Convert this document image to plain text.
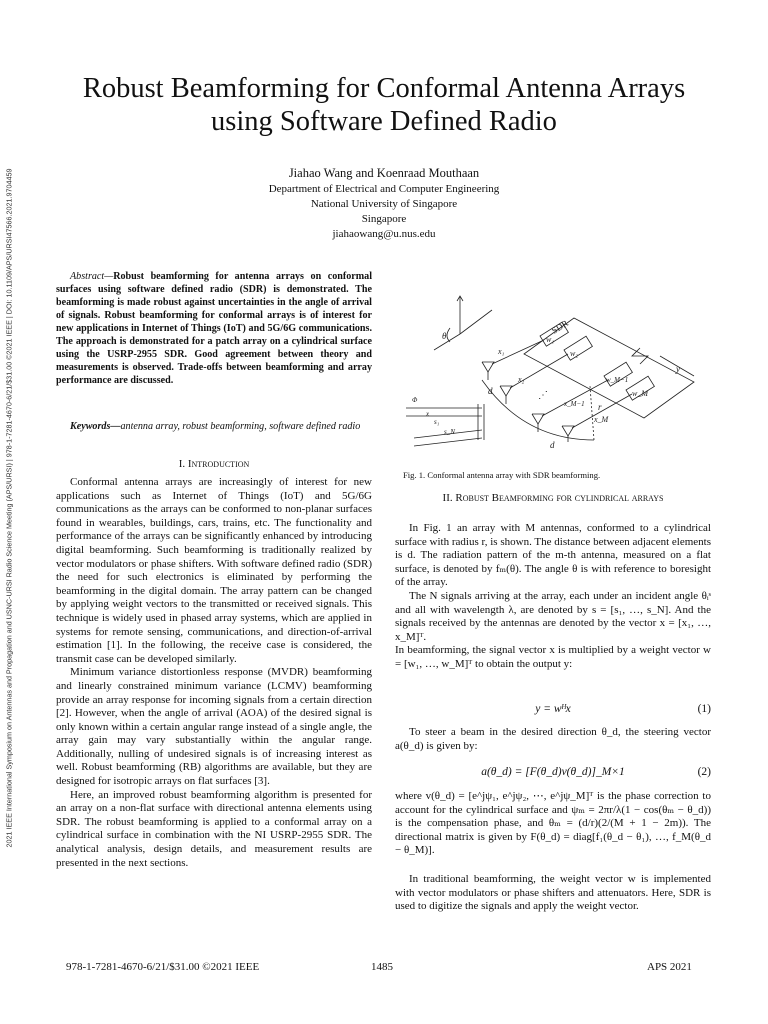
2021 IEEE International Symposium on Antennas and Propagation and USNC-URSI Radio Science Meeting (APS/URSI) | 978-1-7281-4670-6/21/$31.00 ©2021 IEEE | DOI: 10.1109/APS/URSI47566.2021.9704459
Robust Beamforming for Conformal Antenna Arrays
using Software Defined Radio
Jiahao Wang and Koenraad Mouthaan
Department of Electrical and Computer Engineering
National University of Singapore
Singapore
jiahaowang@u.nus.edu
Abstract—Robust beamforming for antenna arrays on conformal surfaces using software defined radio (SDR) is demonstrated. The beamforming is made robust against uncertainties in the angle of arrival of signals. Robust beamforming for conformal arrays is of interest for new applications in Internet of Things (IoT) and 5G/6G communications. The approach is demonstrated for a patch array on a cylindrical surface using the USRP-2955 SDR. Good agreement between theory and measurements is observed. Trade-offs between beamforming and array performance are discussed.
Keywords—antenna array, robust beamforming, software defined radio
I. Introduction

Conformal antenna arrays are increasingly of interest for new applications such as Internet of Things (IoT) and 5G/6G communications as the arrays can be conformed to non-planar surfaces found in wearables, buildings, cars, trains, etc. The functionality and performance of the arrays can be significantly enhanced by introducing digital beamforming. Such beamforming is traditionally realized by vector modulators or phase shifters. With software defined radio (SDR) the need for such electronics is eliminated by performing the beamforming in the digital domain. The array pattern can be changed by applying weight vectors to the transmitted or received signals. This technique is widely used in phased array systems, which are applied in systems for remote sensing, communications, and direction-of-arrival estimation [1]. In the following, the receive case is considered, the transmit case can be developed similarly.

Minimum variance distortionless response (MVDR) beamforming and linearly constrained minimum variance (LCMV) beamforming provide an array response for incoming signals from a certain direction [2]. However, when the angle of arrival (AOA) of the desired signal is only known within a certain angular range instead of a single angle, the array gain may vary substantially within the angular range. Additionally, nulling of undesired signals is of increasing interest as well. Robust beamforming (RB) algorithms are available, but they are designed for isotropic arrays on flat surfaces [3].

Here, an improved robust beamforming algorithm is presented for an array on a non-flat surface with directional antenna elements using SDR. The robust beamforming is applied to a conformal array on a cylindrical surface in combination with the NI USRP-2955 SDR. The analytical analysis, design details, and measurement results are presented in the next sections.

θ
SDR
w₁
w₂
w_M−1
w_M
y
r
x₁
x₂
x_M−1
x_M
⋰
d
d
s₁
s_N
Φ
x
Fig. 1. Conformal antenna array with SDR beamforming.
II. Robust Beamforming for cylindrical arrays

In Fig. 1 an array with M antennas, conformed to a cylindrical surface with radius r, is shown. The distance between adjacent elements is d. The radiation pattern of the m-th antenna, measured on a flat surface, is denoted by fₘ(θ). The angle θ is with reference to boresight of the array.

The N signals arriving at the array, each under an incident angle θᵢˢ and all with wavelength λ, are denoted by s = [s₁, …, s_N]. And the signals received by the antennas are denoted by the vector x = [x₁, …, x_M]ᵀ.

In beamforming, the signal vector x is multiplied by a weight vector w = [w₁, …, w_M]ᵀ to obtain the output y:

y = wᴴx	(1)

To steer a beam in the desired direction θ_d, the steering vector a(θ_d) is given by:

a(θ_d) = [F(θ_d)v(θ_d)]_M×1	(2)

where v(θ_d) = [e^jψ₁, e^jψ₂, ⋯, e^jψ_M]ᵀ is the phase correction to account for the cylindrical surface and ψₘ = 2πr/λ(1 − cos(θₘ − θ_d)) is the compensation phase, and θₘ = (d/r)(2/(M + 1 − 2m)). The directional matrix is given by F(θ_d) = diag[f₁(θ_d − θ₁), …, f_M(θ_d − θ_M)].

In traditional beamforming, the weight vector w is implemented with vector modulators or phase shifters and attenuators. Here, SDR is used to digitize the signals and apply the weight vector.

978-1-7281-4670-6/21/$31.00 ©2021 IEEE	1485	APS 2021
